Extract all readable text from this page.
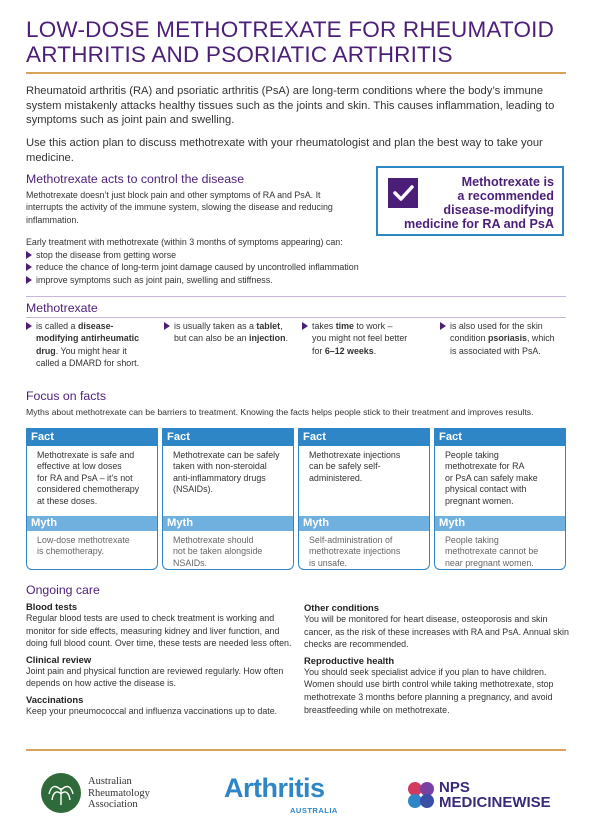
LOW-DOSE METHOTREXATE FOR RHEUMATOID
ARTHRITIS AND PSORIATIC ARTHRITIS

Rheumatoid arthritis (RA) and psoriatic arthritis (PsA) are long-term conditions where the body’s immune system mistakenly attacks healthy tissues such as the joints and skin. This causes inflammation, leading to symptoms such as joint pain and swelling.

Use this action plan to discuss methotrexate with your rheumatologist and plan the best way to take your medicine.

Methotrexate acts to control the disease

Methotrexate doesn’t just block pain and other symptoms of RA and PsA. It interrupts the activity of the immune system, slowing the disease and reducing inflammation.

Early treatment with methotrexate (within 3 months of symptoms appearing) can:

stop the disease from getting worse
reduce the chance of long-term joint damage caused by uncontrolled inflammation
improve symptoms such as joint pain, swelling and stiffness.
Methotrexate is
a recommended
disease-modifying
medicine for RA and PsA
Methotrexate
is called a disease-
modifying antirheumatic
drug. You might hear it
called a DMARD for short.
is usually taken as a tablet,
but can also be an injection.
takes time to work –
you might not feel better
for 6–12 weeks.
is also used for the skin
condition psoriasis, which
is associated with PsA.
Focus on facts

Myths about methotrexate can be barriers to treatment. Knowing the facts helps people stick to their treatment and improves results.

Fact
Methotrexate is safe and
effective at low doses
for RA and PsA – it’s not
considered chemotherapy
at these doses.
Myth
Low-dose methotrexate
is chemotherapy.
Fact
Methotrexate can be safely
taken with non-steroidal
anti-inflammatory drugs
(NSAIDs).
Myth
Methotrexate should
not be taken alongside
NSAIDs.
Fact
Methotrexate injections
can be safely self-
administered.
Myth
Self-administration of
methotrexate injections
is unsafe.
Fact
People taking
methotrexate for RA
or PsA can safely make
physical contact with
pregnant women.
Myth
People taking
methotrexate cannot be
near pregnant women.
Ongoing care
Blood tests

Regular blood tests are used to check treatment is working and monitor for side effects, measuring kidney and liver function, and doing full blood count. Over time, these tests are needed less often.

Clinical review

Joint pain and physical function are reviewed regularly. How often depends on how active the disease is.

Vaccinations

Keep your pneumococcal and influenza vaccinations up to date.

Other conditions

You will be monitored for heart disease, osteoporosis and skin cancer, as the risk of these increases with RA and PsA. Annual skin checks are recommended.

Reproductive health

You should seek specialist advice if you plan to have children. Women should use birth control while taking methotrexate, stop methotrexate 3 months before planning a pregnancy, and avoid breastfeeding while on methotrexate.

Australian
Rheumatology
Association
Arthritis
AUSTRALIA
NPS
MEDICINEWISE
